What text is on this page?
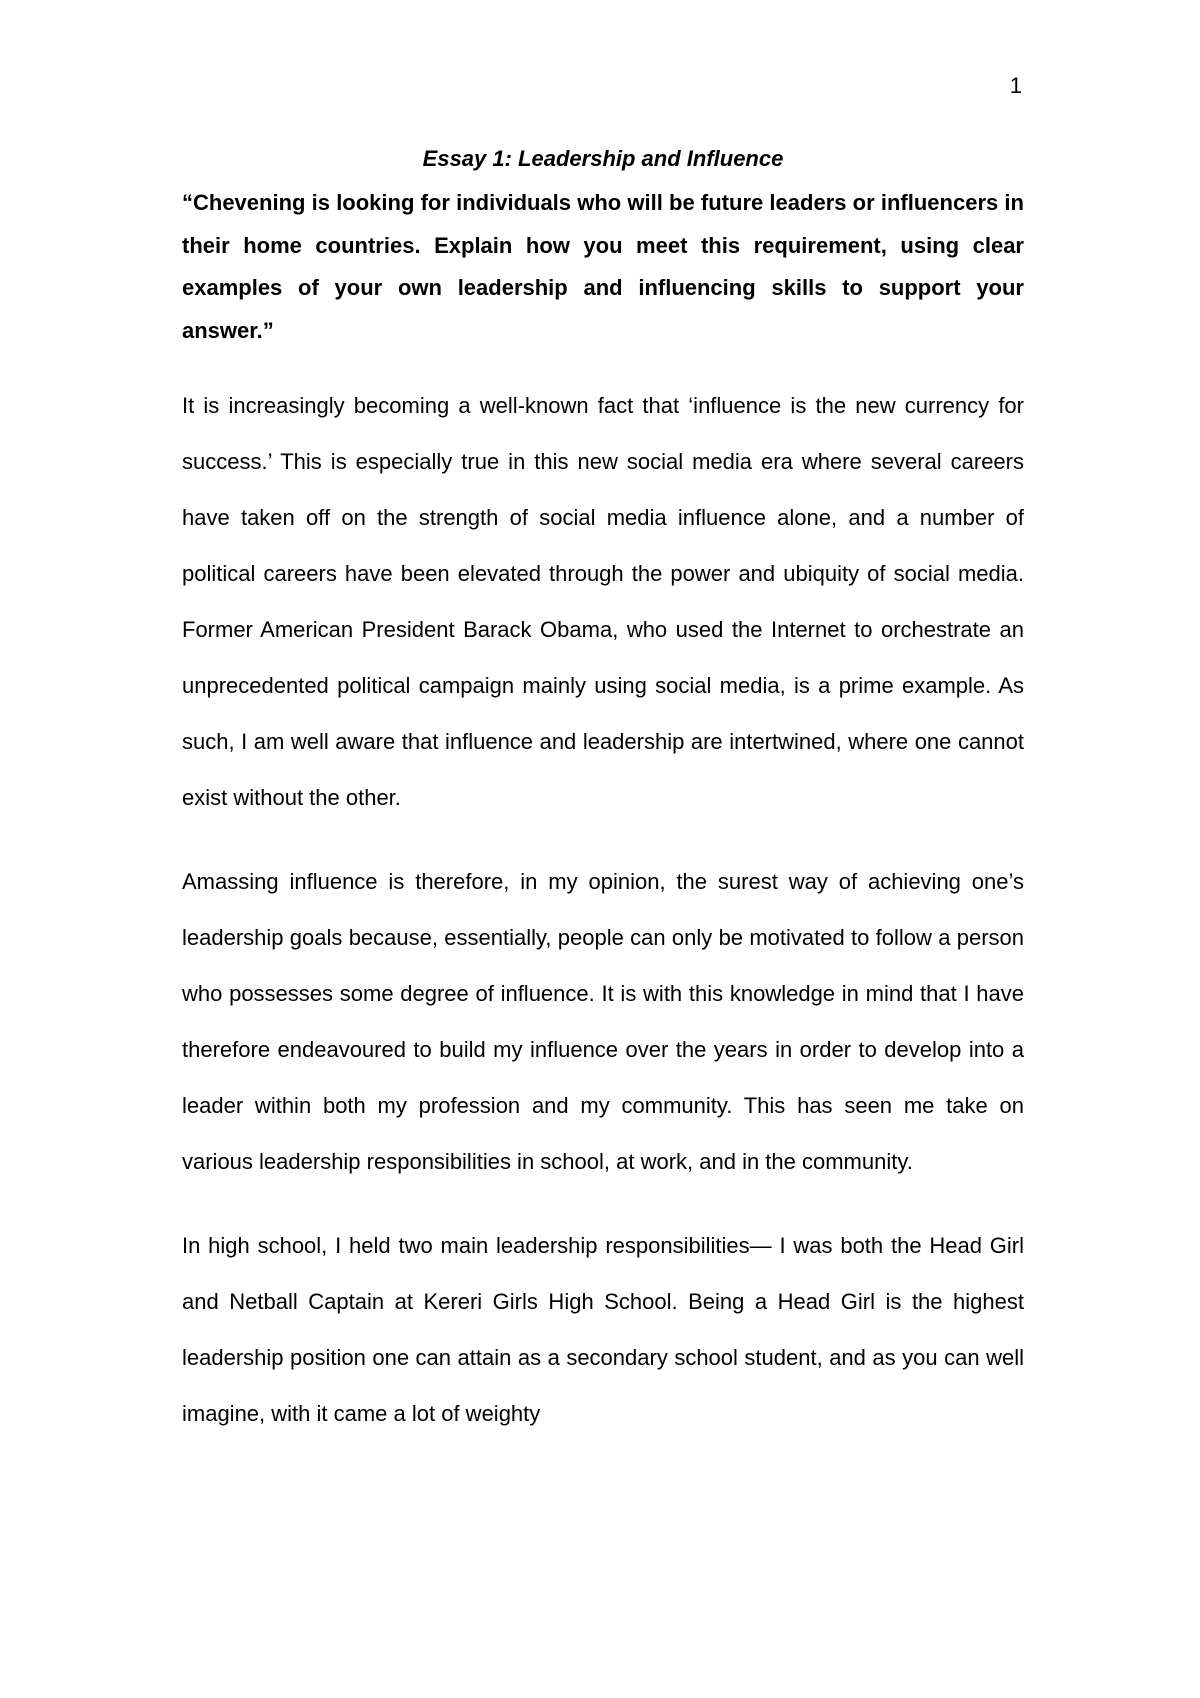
1
Essay 1: Leadership and Influence

“Chevening is looking for individuals who will be future leaders or influencers in their home countries. Explain how you meet this requirement, using clear examples of your own leadership and influencing skills to support your answer.”

It is increasingly becoming a well-known fact that ‘influence is the new currency for success.’ This is especially true in this new social media era where several careers have taken off on the strength of social media influence alone, and a number of political careers have been elevated through the power and ubiquity of social media. Former American President Barack Obama, who used the Internet to orchestrate an unprecedented political campaign mainly using social media, is a prime example. As such, I am well aware that influence and leadership are intertwined, where one cannot exist without the other.

Amassing influence is therefore, in my opinion, the surest way of achieving one’s leadership goals because, essentially, people can only be motivated to follow a person who possesses some degree of influence. It is with this knowledge in mind that I have therefore endeavoured to build my influence over the years in order to develop into a leader within both my profession and my community. This has seen me take on various leadership responsibilities in school, at work, and in the community.

In high school, I held two main leadership responsibilities— I was both the Head Girl and Netball Captain at Kereri Girls High School. Being a Head Girl is the highest leadership position one can attain as a secondary school student, and as you can well imagine, with it came a lot of weighty
